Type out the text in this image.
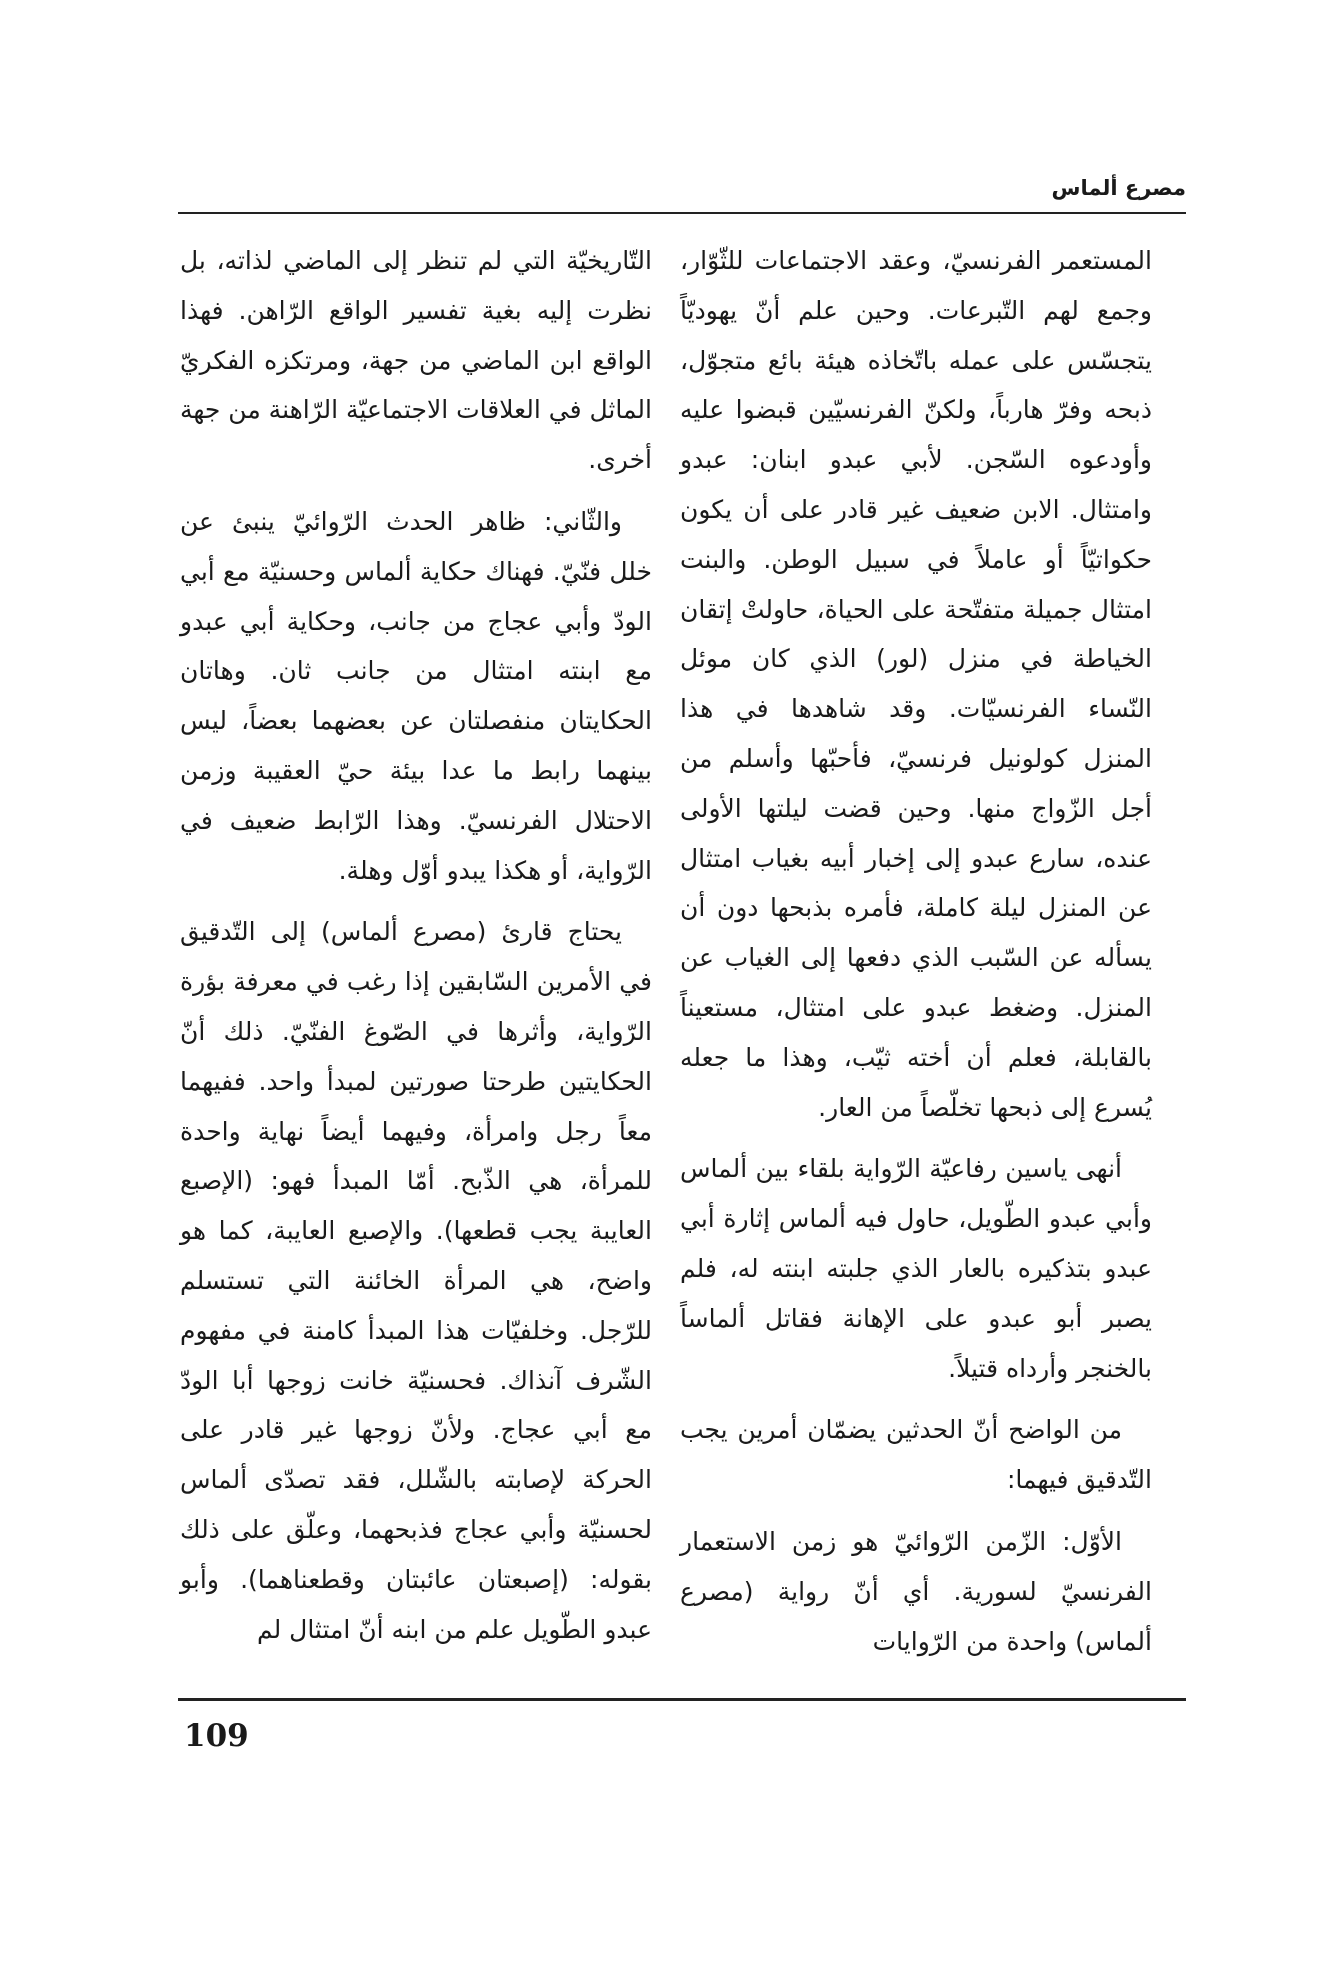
مصرع ألماس

المستعمر الفرنسيّ، وعقد الاجتماعات للثّوّار، وجمع لهم التّبرعات. وحين علم أنّ يهوديّاً يتجسّس على عمله باتّخاذه هيئة بائع متجوّل، ذبحه وفرّ هارباً، ولكنّ الفرنسيّين قبضوا عليه وأودعوه السّجن. لأبي عبدو ابنان: عبدو وامتثال. الابن ضعيف غير قادر على أن يكون حكواتيّاً أو عاملاً في سبيل الوطن. والبنت امتثال جميلة متفتّحة على الحياة، حاولتْ إتقان الخياطة في منزل (لور) الذي كان موئل النّساء الفرنسيّات. وقد شاهدها في هذا المنزل كولونيل فرنسيّ، فأحبّها وأسلم من أجل الزّواج منها. وحين قضت ليلتها الأولى عنده، سارع عبدو إلى إخبار أبيه بغياب امتثال عن المنزل ليلة كاملة، فأمره بذبحها دون أن يسأله عن السّبب الذي دفعها إلى الغياب عن المنزل. وضغط عبدو على امتثال، مستعيناً بالقابلة، فعلم أن أخته ثيّب، وهذا ما جعله يُسرع إلى ذبحها تخلّصاً من العار.

أنهى ياسين رفاعيّة الرّواية بلقاء بين ألماس وأبي عبدو الطّويل، حاول فيه ألماس إثارة أبي عبدو بتذكيره بالعار الذي جلبته ابنته له، فلم يصبر أبو عبدو على الإهانة فقاتل ألماساً بالخنجر وأرداه قتيلاً.

من الواضح أنّ الحدثين يضمّان أمرين يجب التّدقيق فيهما:

الأوّل: الزّمن الرّوائيّ هو زمن الاستعمار الفرنسيّ لسورية. أي أنّ رواية (مصرع ألماس) واحدة من الرّوايات

التّاريخيّة التي لم تنظر إلى الماضي لذاته، بل نظرت إليه بغية تفسير الواقع الرّاهن. فهذا الواقع ابن الماضي من جهة، ومرتكزه الفكريّ الماثل في العلاقات الاجتماعيّة الرّاهنة من جهة أخرى.

والثّاني: ظاهر الحدث الرّوائيّ ينبئ عن خلل فنّيّ. فهناك حكاية ألماس وحسنيّة مع أبي الودّ وأبي عجاج من جانب، وحكاية أبي عبدو مع ابنته امتثال من جانب ثان. وهاتان الحكايتان منفصلتان عن بعضهما بعضاً، ليس بينهما رابط ما عدا بيئة حيّ العقيبة وزمن الاحتلال الفرنسيّ. وهذا الرّابط ضعيف في الرّواية، أو هكذا يبدو أوّل وهلة.

يحتاج قارئ (مصرع ألماس) إلى التّدقيق في الأمرين السّابقين إذا رغب في معرفة بؤرة الرّواية، وأثرها في الصّوغ الفنّيّ. ذلك أنّ الحكايتين طرحتا صورتين لمبدأ واحد. ففيهما معاً رجل وامرأة، وفيهما أيضاً نهاية واحدة للمرأة، هي الذّبح. أمّا المبدأ فهو: (الإصبع العايبة يجب قطعها). والإصبع العايبة، كما هو واضح، هي المرأة الخائنة التي تستسلم للرّجل. وخلفيّات هذا المبدأ كامنة في مفهوم الشّرف آنذاك. فحسنيّة خانت زوجها أبا الودّ مع أبي عجاج. ولأنّ زوجها غير قادر على الحركة لإصابته بالشّلل، فقد تصدّى ألماس لحسنيّة وأبي عجاج فذبحهما، وعلّق على ذلك بقوله: (إصبعتان عائبتان وقطعناهما). وأبو عبدو الطّويل علم من ابنه أنّ امتثال لم

109
